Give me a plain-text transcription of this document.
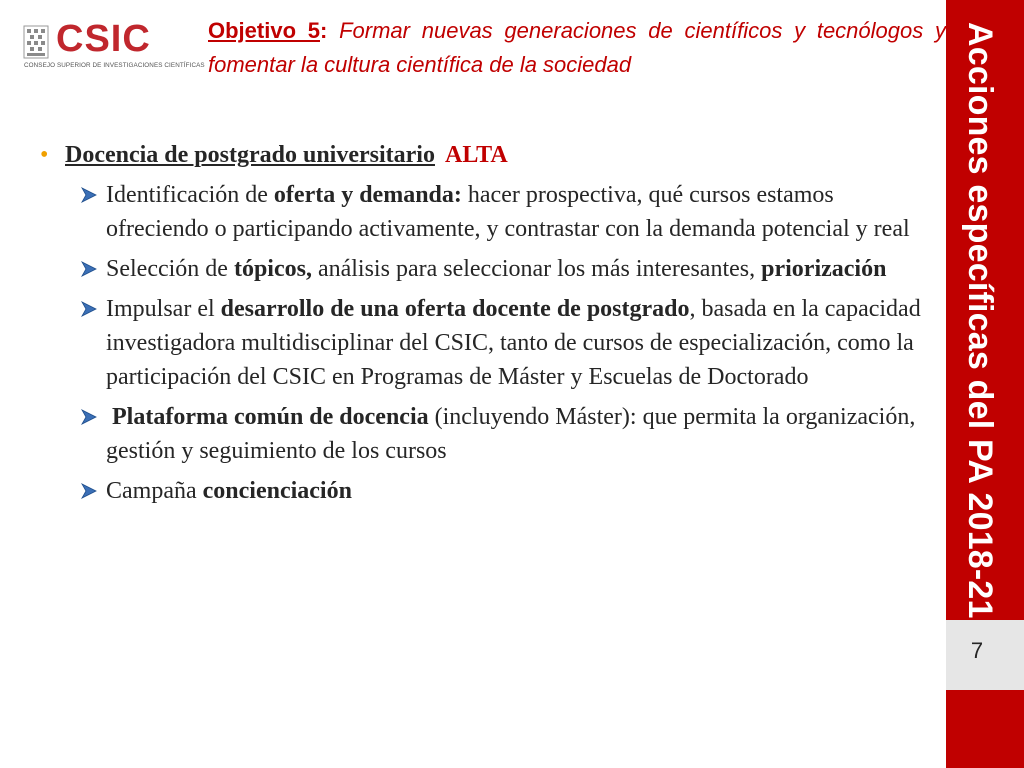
CSIC
CONSEJO SUPERIOR DE INVESTIGACIONES CIENTÍFICAS
Objetivo 5: Formar nuevas generaciones de científicos y tecnólogos y fomentar la cultura científica de la sociedad	Acciones específicas del PA 2018-21
7
• Docencia de postgrado universitario ALTA
Identificación de oferta y demanda: hacer prospectiva, qué cursos estamos ofreciendo o participando activamente, y contrastar con la demanda potencial y real
Selección de tópicos, análisis para seleccionar los más interesantes, priorización
Impulsar el desarrollo de una oferta docente de postgrado, basada en la capacidad investigadora multidisciplinar del CSIC, tanto de cursos de especialización, como la participación del CSIC en Programas de Máster y Escuelas de Doctorado
Plataforma común de docencia (incluyendo Máster): que permita la organización, gestión y seguimiento de los cursos
Campaña concienciación
